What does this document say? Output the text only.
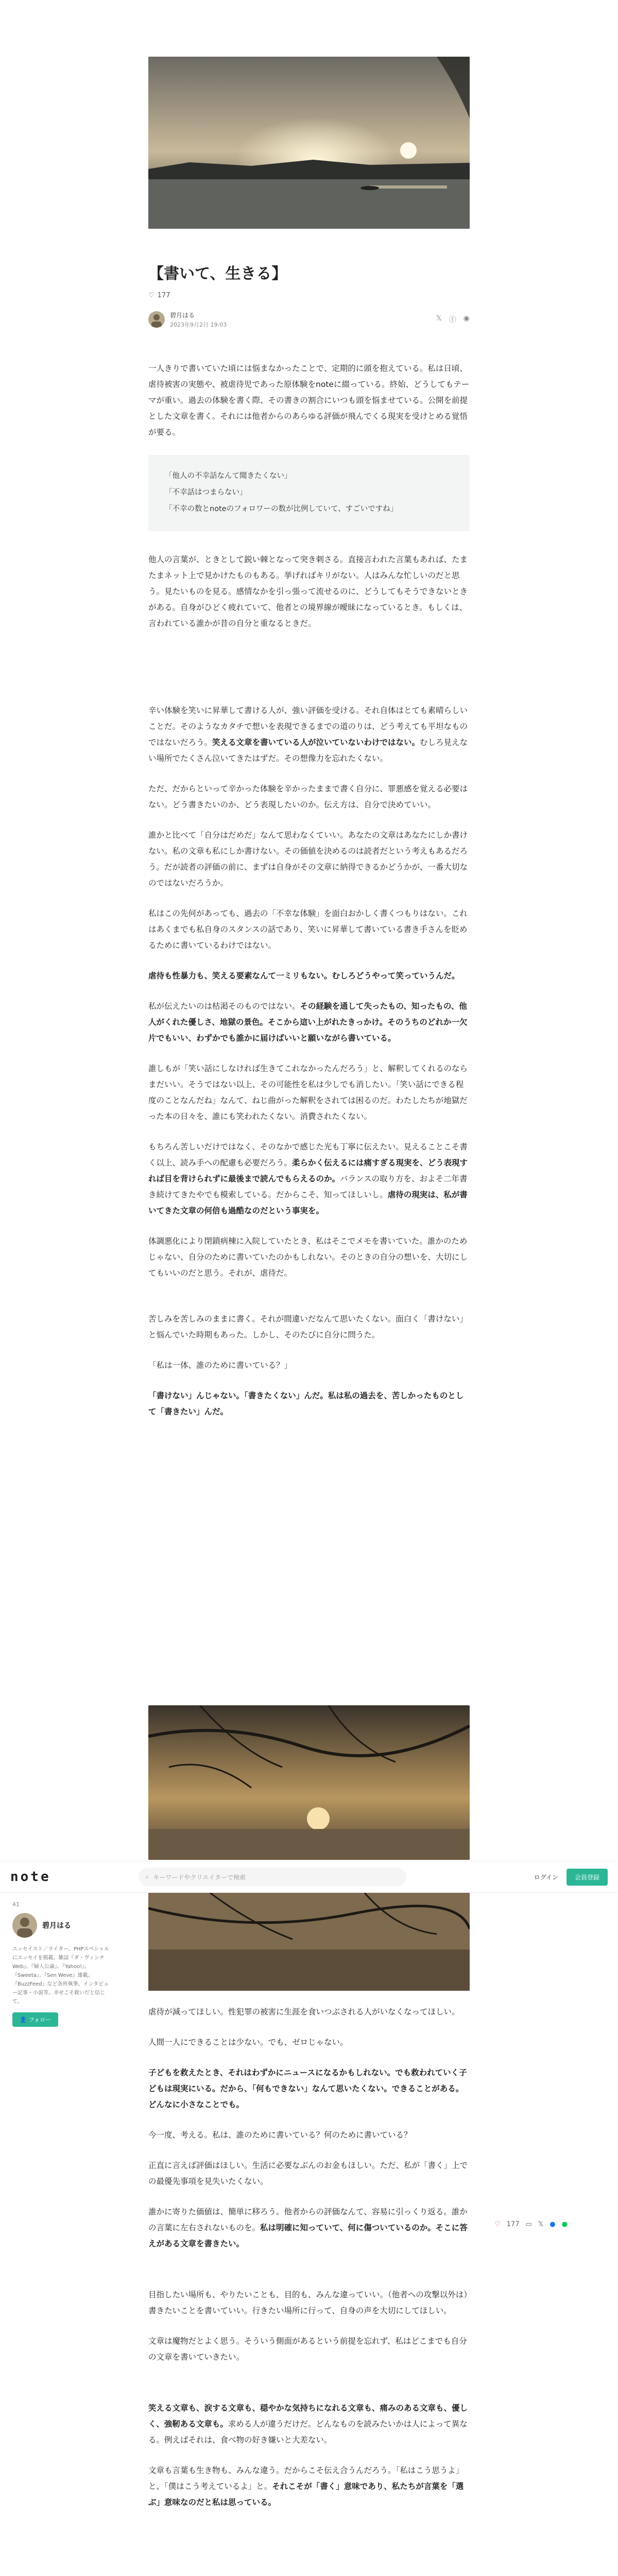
【書いて、生きる】
♡ 177
碧月はる
2023年9月2日 19:03
𝕏 ⓕ ◉

一人きりで書いていた頃には悩まなかったことで、定期的に頭を抱えている。私は日頃、虐待被害の実態や、被虐待児であった原体験をnoteに綴っている。終始、どうしてもテーマが重い。過去の体験を書く際、その書きの割合にいつも頭を悩ませている。公開を前提とした文章を書く。それには他者からのあらゆる評価が飛んでくる現実を受けとめる覚悟が要る。

「他人の不幸話なんて聞きたくない」
「不幸話はつまらない」
「不幸の数とnoteのフォロワーの数が比例していて、すごいですね」

他人の言葉が、ときとして鋭い棘となって突き刺さる。直接言われた言葉もあれば、たまたまネット上で見かけたものもある。挙げればキリがない。人はみんな忙しいのだと思う。見たいものを見る。感情なかを引っ張って流せるのに、どうしてもそうできないときがある。自身がひどく疲れていて、他者との境界線が曖昧になっているとき。もしくは、言われている誰かが昔の自分と重なるときだ。

辛い体験を笑いに昇華して書ける人が、強い評価を受ける。それ自体はとても素晴らしいことだ。そのようなカタチで想いを表現できるまでの道のりは、どう考えても平坦なものではないだろう。笑える文章を書いている人が泣いていないわけではない。むしろ見えない場所でたくさん泣いてきたはずだ。その想像力を忘れたくない。

ただ、だからといって辛かった体験を辛かったままで書く自分に、罪悪感を覚える必要はない。どう書きたいのか、どう表現したいのか。伝え方は、自分で決めていい。

誰かと比べて「自分はだめだ」なんて思わなくていい。あなたの文章はあなたにしか書けない。私の文章も私にしか書けない。その価値を決めるのは読者だという考えもあるだろう。だが読者の評価の前に、まずは自身がその文章に納得できるかどうかが、一番大切なのではないだろうか。

私はこの先何があっても、過去の「不幸な体験」を面白おかしく書くつもりはない。これはあくまでも私自身のスタンスの話であり、笑いに昇華して書いている書き手さんを貶めるために書いているわけではない。

虐待も性暴力も、笑える要素なんて一ミリもない。むしろどうやって笑っていうんだ。

私が伝えたいのは枯渇そのものではない。その経験を通して失ったもの、知ったもの、他人がくれた優しさ、地獄の景色。そこから這い上がれたきっかけ。そのうちのどれか一欠片でもいい、わずかでも誰かに届けばいいと願いながら書いている。

誰しもが「笑い話にしなければ生きてこれなかったんだろう」と、解釈してくれるのならまだいい。そうではない以上、その可能性を私は少しでも消したい。「笑い話にできる程度のことなんだね」なんて、ねじ曲がった解釈をされては困るのだ。わたしたちが地獄だった本の日々を、誰にも笑われたくない。消費されたくない。

もちろん苦しいだけではなく、そのなかで感じた光も丁寧に伝えたい。見えることこそ書く以上、読み手への配慮も必要だろう。柔らかく伝えるには痛すぎる現実を、どう表現すれば目を背けられずに最後まで読んでもらえるのか。バランスの取り方を、およそ二年書き続けてきたやでも模索している。だからこそ、知ってほしいし。虐待の現実は、私が書いてきた文章の何倍も過酷なのだという事実を。

体調悪化により閉鎖病棟に入院していたとき、私はそこでメモを書いていた。誰かのためじゃない、自分のために書いていたのかもしれない。そのときの自分の想いを、大切にしてもいいのだと思う。それが、虐待だ。

苦しみを苦しみのままに書く。それが間違いだなんて思いたくない。面白く「書けない」と悩んでいた時期もあった。しかし、そのたびに自分に問うた。

「私は一体、誰のために書いている？」

「書けない」んじゃない。「書きたくない」んだ。私は私の過去を、苦しかったものとして「書きたい」んだ。

note	⌕ キーワードやクリエイターで検索	ログイン	会員登録
41
碧月はる
エッセイスト／ライター。PHPスペシャルにエッセイを掲載。雑誌『ダ・ヴィンチ Web』、『婦人公論』、『Yahoo!』、『Sweeta』、『Sen Weve』連載。『BuzzFeed』など各所執筆。インタビュー記事・小説等。幸せこそ救いだと信じて。
👤 フォロー

虐待が減ってほしい。性犯罪の被害に生涯を食いつぶされる人がいなくなってほしい。

人間一人にできることは少ない。でも、ゼロじゃない。

子どもを救えたとき、それはわずかにニュースになるかもしれない。でも救われていく子どもは現実にいる。だから、「何もできない」なんて思いたくない。できることがある。どんなに小さなことでも。

今一度、考える。私は、誰のために書いている？何のために書いている？

正直に言えば評価はほしい。生活に必要なぶんのお金もほしい。ただ、私が「書く」上での最優先事項を見失いたくない。

誰かに寄りた価値は、簡単に移ろう。他者からの評価なんて、容易に引っくり返る。誰かの言葉に左右されないものを。私は明確に知っていて、何に傷ついているのか。そこに答えがある文章を書きたい。

目指したい場所も、やりたいことも、目的も、みんな違っていい。（他者への攻撃以外は）書きたいことを書いていい。行きたい場所に行って、自身の声を大切にしてほしい。

文章は魔物だとよく思う。そういう側面があるという前提を忘れず、私はどこまでも自分の文章を書いていきたい。

笑える文章も、涙する文章も、穏やかな気持ちになれる文章も、痛みのある文章も、優しく、強靭ある文章も。求める人が違うだけだ。どんなものを読みたいかは人によって異なる。例えばそれは、食べ物の好き嫌いと大差ない。

文章も言葉も生き物も、みんな違う。だからこそ伝え合うんだろう。「私はこう思うよ」と、「僕はこう考えているよ」と。それこそが「書く」意味であり、私たちが言葉を「選ぶ」意味なのだと私は思っている。

♡ 177 ▭ 𝕏 ● ●
